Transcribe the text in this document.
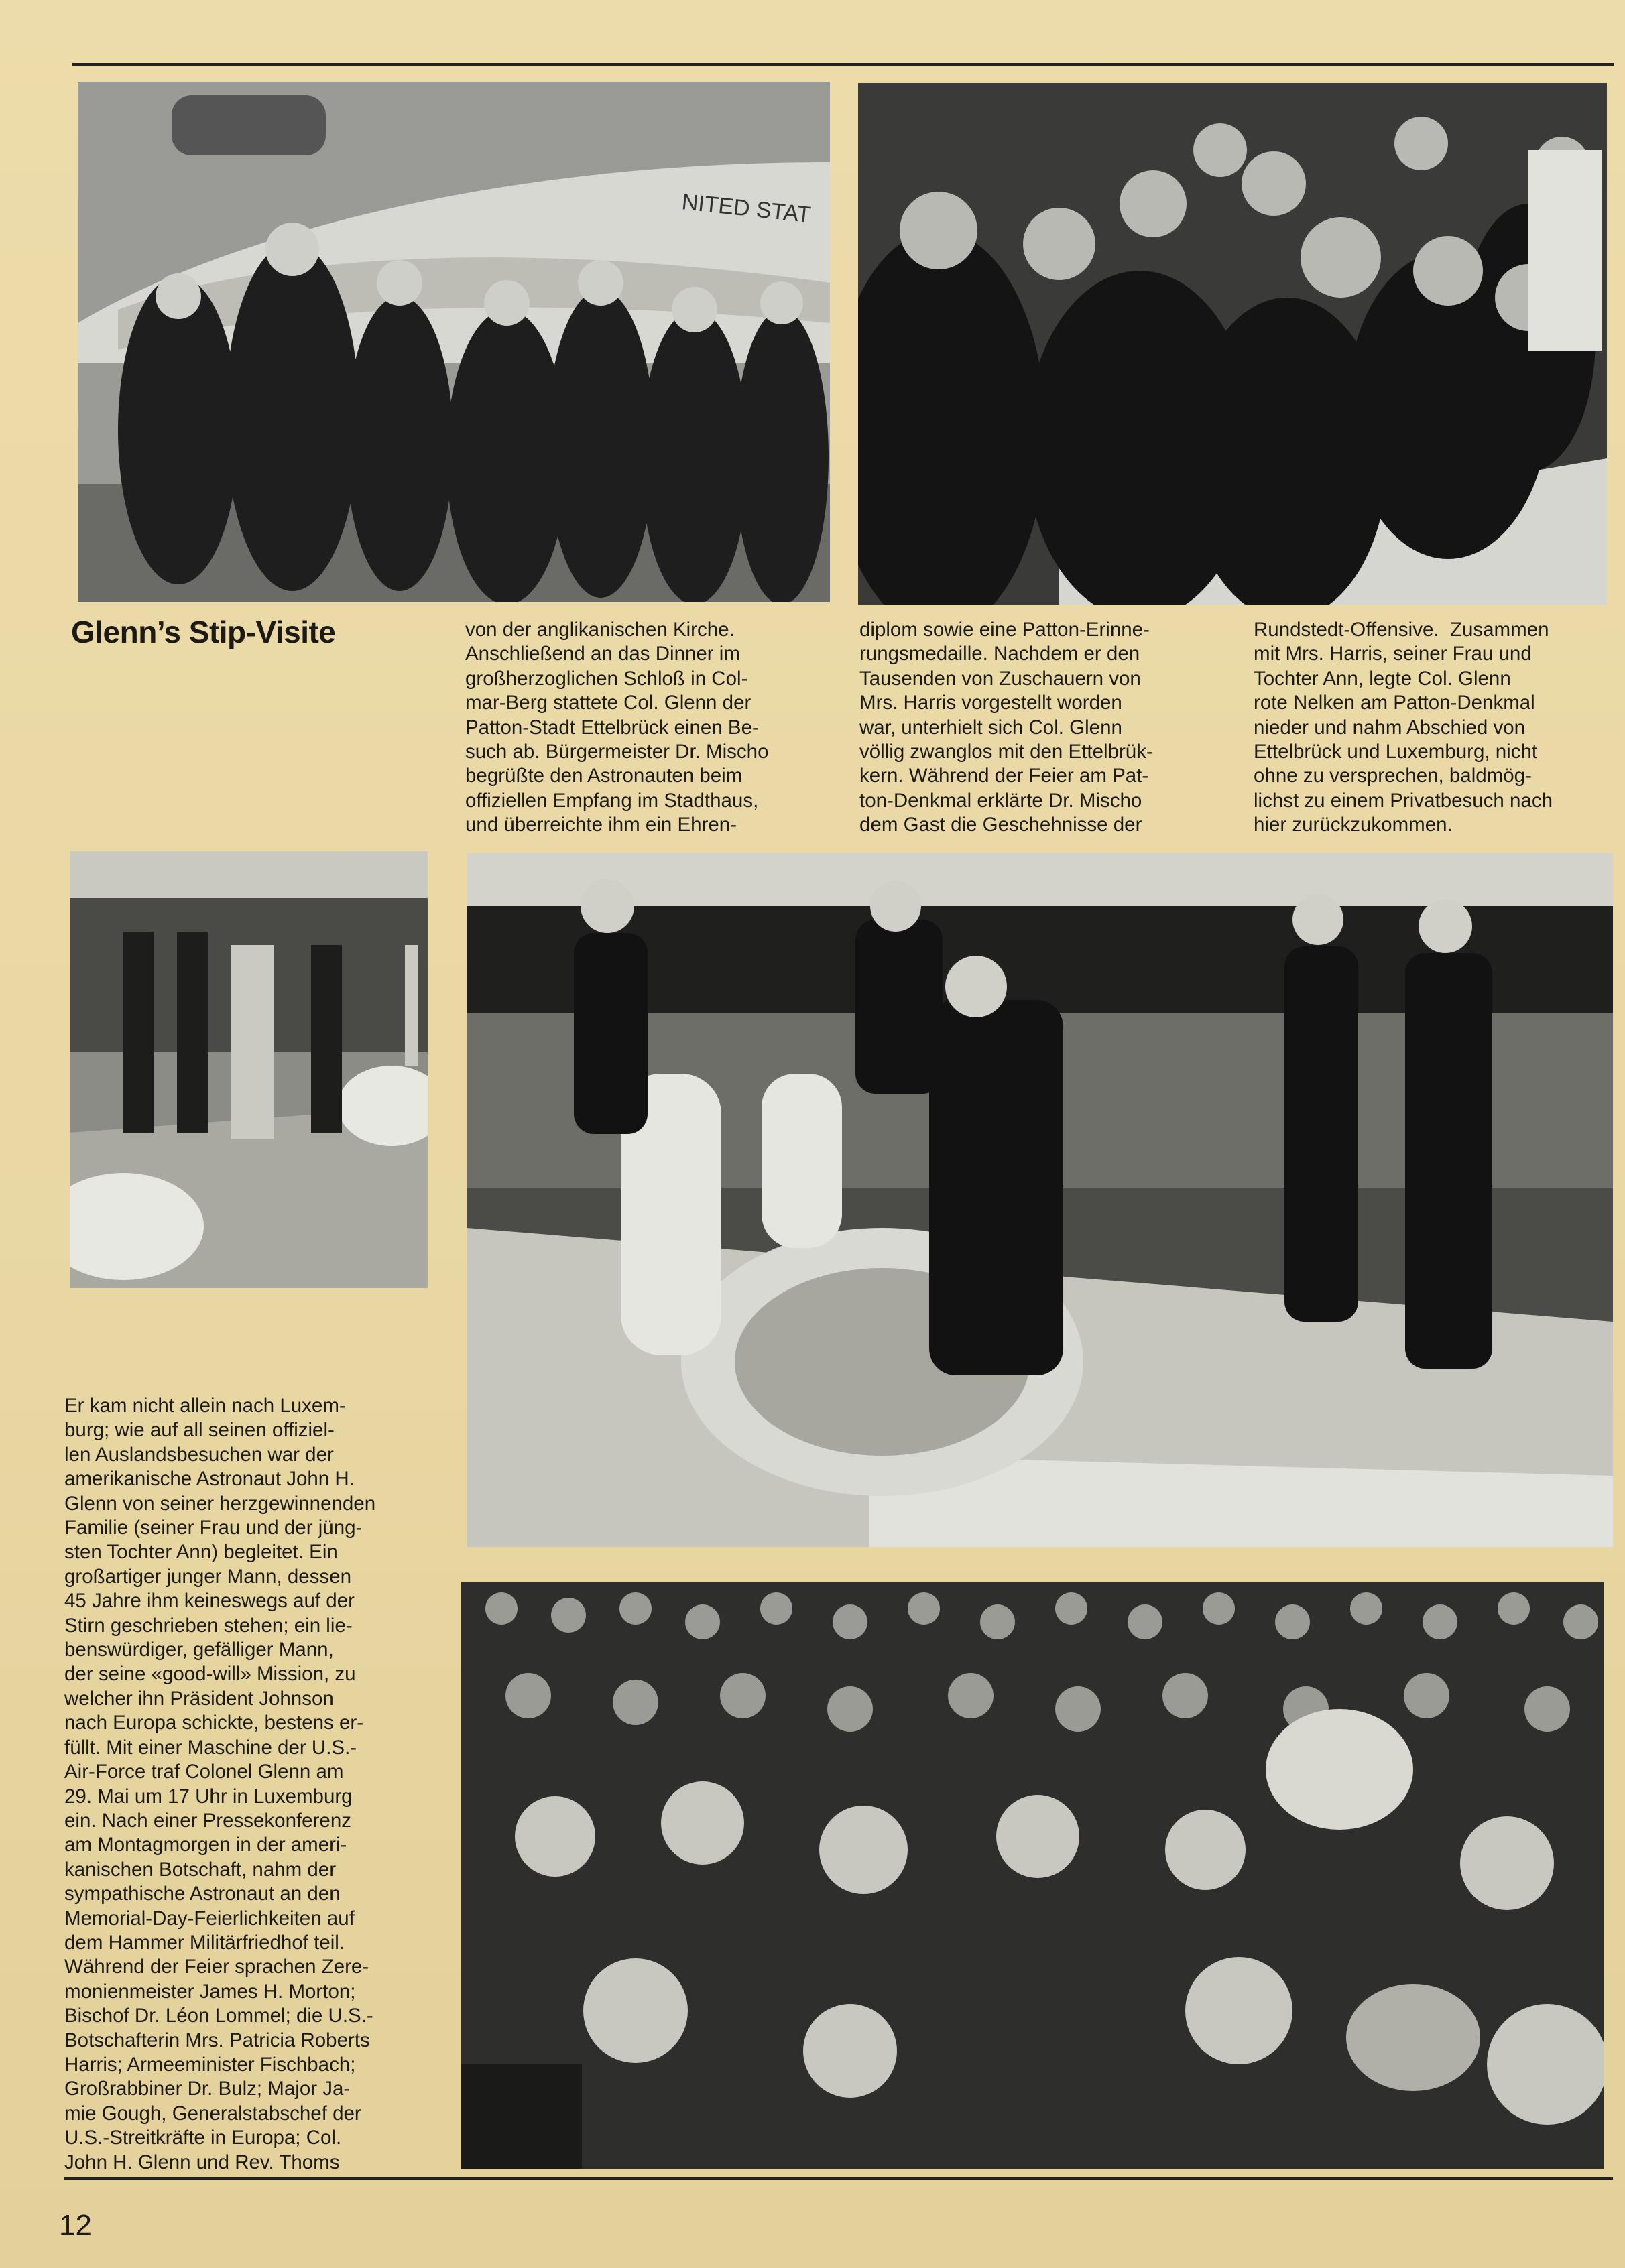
NITED STAT
Glenn’s Stip-Visite	von der anglikanischen Kirche.
Anschließend an das Dinner im
großherzoglichen Schloß in Col-
mar-Berg stattete Col. Glenn der
Patton-Stadt Ettelbrück einen Be-
such ab. Bürgermeister Dr. Mischo
begrüßte den Astronauten beim
offiziellen Empfang im Stadthaus,
und überreichte ihm ein Ehren-

diplom sowie eine Patton-Erinne-
rungsmedaille. Nachdem er den
Tausenden von Zuschauern von
Mrs. Harris vorgestellt worden
war, unterhielt sich Col. Glenn
völlig zwanglos mit den Ettelbrük-
kern. Während der Feier am Pat-
ton-Denkmal erklärte Dr. Mischo
dem Gast die Geschehnisse der

Rundstedt-Offensive.  Zusammen
mit Mrs. Harris, seiner Frau und
Tochter Ann, legte Col. Glenn
rote Nelken am Patton-Denkmal
nieder und nahm Abschied von
Ettelbrück und Luxemburg, nicht
ohne zu versprechen, baldmög-
lichst zu einem Privatbesuch nach
hier zurückzukommen.

Er kam nicht allein nach Luxem-
burg; wie auf all seinen offiziel-
len Auslandsbesuchen war der
amerikanische Astronaut John H.
Glenn von seiner herzgewinnenden
Familie (seiner Frau und der jüng-
sten Tochter Ann) begleitet. Ein
großartiger junger Mann, dessen
45 Jahre ihm keineswegs auf der
Stirn geschrieben stehen; ein lie-
benswürdiger, gefälliger Mann,
der seine «good-will» Mission, zu
welcher ihn Präsident Johnson
nach Europa schickte, bestens er-
füllt. Mit einer Maschine der U.S.-
Air-Force traf Colonel Glenn am
29. Mai um 17 Uhr in Luxemburg
ein. Nach einer Pressekonferenz
am Montagmorgen in der ameri-
kanischen Botschaft, nahm der
sympathische Astronaut an den
Memorial-Day-Feierlichkeiten auf
dem Hammer Militärfriedhof teil.
Während der Feier sprachen Zere-
monienmeister James H. Morton;
Bischof Dr. Léon Lommel; die U.S.-
Botschafterin Mrs. Patricia Roberts
Harris; Armeeminister Fischbach;
Großrabbiner Dr. Bulz; Major Ja-
mie Gough, Generalstabschef der
U.S.-Streitkräfte in Europa; Col.
John H. Glenn und Rev. Thoms

12
